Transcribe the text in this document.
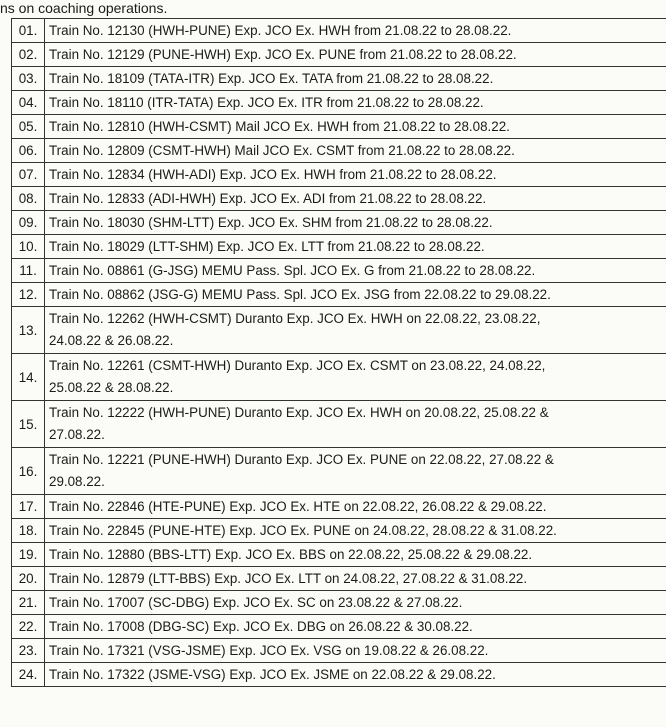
ns on coaching operations.
01.	Train No. 12130 (HWH-PUNE) Exp. JCO Ex. HWH from 21.08.22 to 28.08.22.
02.	Train No. 12129 (PUNE-HWH) Exp. JCO Ex. PUNE from 21.08.22 to 28.08.22.
03.	Train No. 18109 (TATA-ITR) Exp. JCO Ex. TATA from 21.08.22 to 28.08.22.
04.	Train No. 18110 (ITR-TATA) Exp. JCO Ex. ITR from 21.08.22 to 28.08.22.
05.	Train No. 12810 (HWH-CSMT) Mail JCO Ex. HWH from 21.08.22 to 28.08.22.
06.	Train No. 12809 (CSMT-HWH) Mail JCO Ex. CSMT from 21.08.22 to 28.08.22.
07.	Train No. 12834 (HWH-ADI) Exp. JCO Ex. HWH from 21.08.22 to 28.08.22.
08.	Train No. 12833 (ADI-HWH) Exp. JCO Ex. ADI from 21.08.22 to 28.08.22.
09.	Train No. 18030 (SHM-LTT) Exp. JCO Ex. SHM from 21.08.22 to 28.08.22.
10.	Train No. 18029 (LTT-SHM) Exp. JCO Ex. LTT from 21.08.22 to 28.08.22.
11.	Train No. 08861 (G-JSG) MEMU Pass. Spl. JCO Ex. G from 21.08.22 to 28.08.22.
12.	Train No. 08862 (JSG-G) MEMU Pass. Spl. JCO Ex. JSG from 22.08.22 to 29.08.22.
13.	Train No. 12262 (HWH-CSMT) Duranto Exp. JCO Ex. HWH on 22.08.22, 23.08.22,
24.08.22 & 26.08.22.

14.	Train No. 12261 (CSMT-HWH) Duranto Exp. JCO Ex. CSMT on 23.08.22, 24.08.22,
25.08.22 & 28.08.22.

15.	Train No. 12222 (HWH-PUNE) Duranto Exp. JCO Ex. HWH on 20.08.22, 25.08.22 &
27.08.22.

16.	Train No. 12221 (PUNE-HWH) Duranto Exp. JCO Ex. PUNE on 22.08.22, 27.08.22 &
29.08.22.

17.	Train No. 22846 (HTE-PUNE) Exp. JCO Ex. HTE on 22.08.22, 26.08.22 & 29.08.22.
18.	Train No. 22845 (PUNE-HTE) Exp. JCO Ex. PUNE on 24.08.22, 28.08.22 & 31.08.22.
19.	Train No. 12880 (BBS-LTT) Exp. JCO Ex. BBS on 22.08.22, 25.08.22 & 29.08.22.
20.	Train No. 12879 (LTT-BBS) Exp. JCO Ex. LTT on 24.08.22, 27.08.22 & 31.08.22.
21.	Train No. 17007 (SC-DBG) Exp. JCO Ex. SC on 23.08.22 & 27.08.22.
22.	Train No. 17008 (DBG-SC) Exp. JCO Ex. DBG on 26.08.22 & 30.08.22.
23.	Train No. 17321 (VSG-JSME) Exp. JCO Ex. VSG on 19.08.22 & 26.08.22.
24.	Train No. 17322 (JSME-VSG) Exp. JCO Ex. JSME on 22.08.22 & 29.08.22.
